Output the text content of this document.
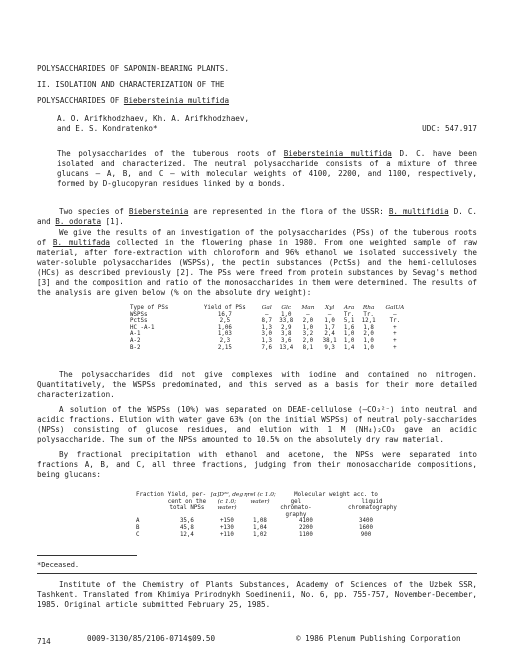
POLYSACCHARIDES OF SAPONIN-BEARING PLANTS.
II. ISOLATION AND CHARACTERIZATION OF THE
POLYSACCHARIDES OF Biebersteinia multifida
A. O. Arifkhodzhaev, Kh. A. Arifkhodzhaev,
and E. S. Kondratenko*	UDC: 547.917

The polysaccharides of the tuberous roots of Biebersteinia multifida D. C. have been isolated and characterized. The neutral polysaccharide consists of a mixture of three glucans — A, B, and C — with molecular weights of 4100, 2200, and 1100, respectively, formed by D-glucopyran residues linked by α bonds.

Two species of Biebersteinia are represented in the flora of the USSR: B. multifidia D. C. and B. odorata [1].

We give the results of an investigation of the polysaccharides (PSs) of the tuberous roots of B. multifada collected in the flowering phase in 1980. From one weighted sample of raw material, after fore-extraction with chloroform and 96% ethanol we isolated successively the water-soluble polysaccharides (WSPSs), the pectin substances (PctSs) and the hemi-celluloses (HCs) as described previously [2]. The PSs were freed from protein substances by Sevag's method [3] and the composition and ratio of the monosaccharides in them were determined. The results of the analysis are given below (% on the absolute dry weight):

Type of PSs	Yield of PSs	Gal	Glc	Man	Xyl	Ara	Rha	GalUA
WSPSs	16,7	—	1,0	—	—	Tr.	Tr.	—
PctSs	2,5	8,7	33,8	2,0	1,0	5,1	12,1	Tr.
HC -A-1	1,06	1,3	2,9	1,0	1,7	1,6	1,8	+
A-1	1,03	3,0	3,8	3,2	2,4	1,0	2,0	+
A-2	2,3	1,3	3,6	2,0	38,1	1,0	1,0	+
B-2	2,15	7,6	13,4	8,1	9,3	1,4	1,0	+

The polysaccharides did not give complexes with iodine and contained no nitrogen. Quantitatively, the WSPSs predominated, and this served as a basis for their more detailed characterization.

A solution of the WSPSs (10%) was separated on DEAE-cellulose (—CO₃²⁻) into neutral and acidic fractions. Elution with water gave 63% (on the initial WSPSs) of neutral poly-saccharides (NPSs) consisting of glucose residues, and elution with 1 M (NH₄)₂CO₃ gave an acidic polysaccharide. The sum of the NPSs amounted to 10.5% on the absolutely dry raw material.

By fractional precipitation with ethanol and acetone, the NPSs were separated into fractions A, B, and C, all three fractions, judging from their monosaccharide compositions, being glucans:

Fraction	Yield, per-cent on the total NPSs	[α]D²⁰, deg (c 1.0; water)	ηrel (c 1.0; water)	Molecular weight acc. to
gel chromato-graphy
liquid chromatography	

A	35,6	+150	1,08	4100	3400
B	45,8	+130	1,04	2200	1600
C	12,4	+110	1,02	1100	900
*Deceased.

Institute of the Chemistry of Plants Substances, Academy of Sciences of the Uzbek SSR, Tashkent. Translated from Khimiya Prirodnykh Soedinenii, No. 6, pp. 755-757, November-December, 1985. Original article submitted February 25, 1985.

714	0009-3130/85/2106-0714$09.50	© 1986 Plenum Publishing Corporation
